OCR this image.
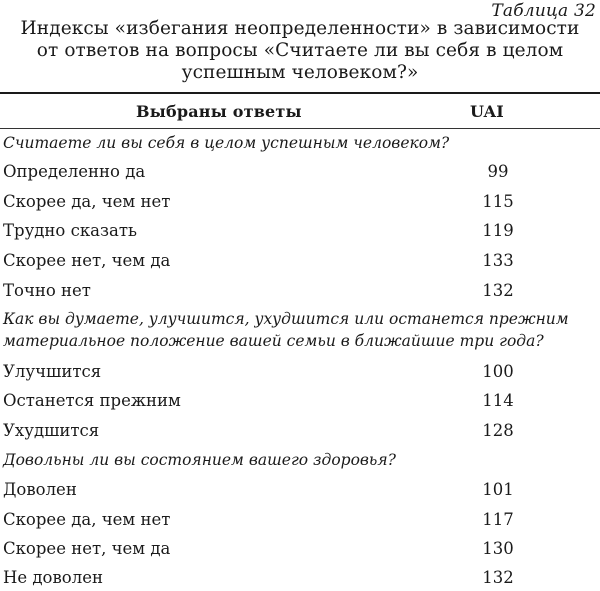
Таблица 32
Индексы «избегания неопределенности» в зависимости
от ответов на вопросы «Считаете ли вы себя в целом
успешным человеком?»
Выбраны ответы	UAI
Считаете ли вы себя в целом успешным человеком?
Определенно да	99
Скорее да, чем нет	115
Трудно сказать	119
Скорее нет, чем да	133
Точно нет	132
Как вы думаете, улучшится, ухудшится или останется прежним
материальное положение вашей семьи в ближайшие три года?
Улучшится	100
Останется прежним	114
Ухудшится	128
Довольны ли вы состоянием вашего здоровья?
Доволен	101
Скорее да, чем нет	117
Скорее нет, чем да	130
Не доволен	132
